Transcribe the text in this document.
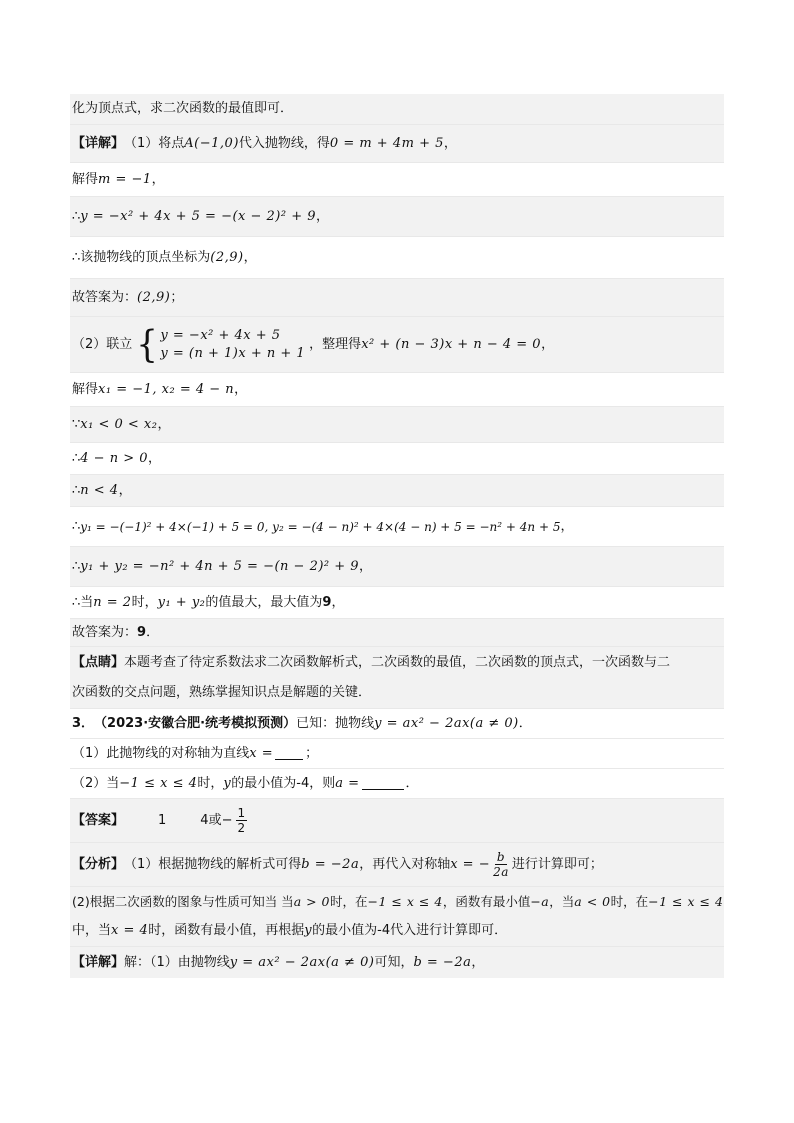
化为顶点式，求二次函数的最值即可．
【详解】 （1）将点 A(−1,0) 代入抛物线，得 0 = m + 4m + 5 ，
解得 m = −1 ，
∴ y = −x² + 4x + 5 = −(x − 2)² + 9 ，
∴该抛物线的顶点坐标为 (2,9) ，
故答案为： (2,9) ；
（2）联立 { y = −x² + 4x + 5
y = (n + 1)x + n + 1
，整理得 x² + (n − 3)x + n − 4 = 0 ，
解得 x₁ = −1, x₂ = 4 − n ，
∵ x₁ < 0 < x₂ ，
∴ 4 − n > 0 ，
∴ n < 4 ，
∴ y₁ = −(−1)² + 4×(−1) + 5 = 0, y₂ = −(4 − n)² + 4×(4 − n) + 5 = −n² + 4n + 5 ，
∴ y₁ + y₂ = −n² + 4n + 5 = −(n − 2)² + 9 ，
∴当 n = 2 时， y₁ + y₂ 的值最大，最大值为 9 ，
故答案为： 9 ．
【点睛】 本题考查了待定系数法求二次函数解析式，二次函数的最值，二次函数的顶点式，一次函数与二
次函数的交点问题，熟练掌握知识点是解题的关键．
3． （2023·安徽合肥·统考模拟预测） 已知：抛物线 y = ax² − 2ax(a ≠ 0) ．
（1）此抛物线的对称轴为直线 x = ；
（2）当 −1 ≤ x ≤ 4 时， y 的最小值为 -4 ，则 a =	．
【答案】	1	4 或 − $\frac{1}{2}$
【分析】 （1）根据抛物线的解析式可得 b = −2a ，再代入对称轴 x = − $\frac{b}{2a}$ 进行计算即可；
(2)根据二次函数的图象与性质可知当 当 a > 0 时，在 −1 ≤ x ≤ 4 ，函数有最小值 −a ，当 a < 0 时，在 −1 ≤ x ≤ 4
中，当 x = 4 时，函数有最小值，再根据 y 的最小值为-4代入进行计算即可．
【详解】 解：（1）由抛物线 y = ax² − 2ax(a ≠ 0) 可知， b = −2a ，
